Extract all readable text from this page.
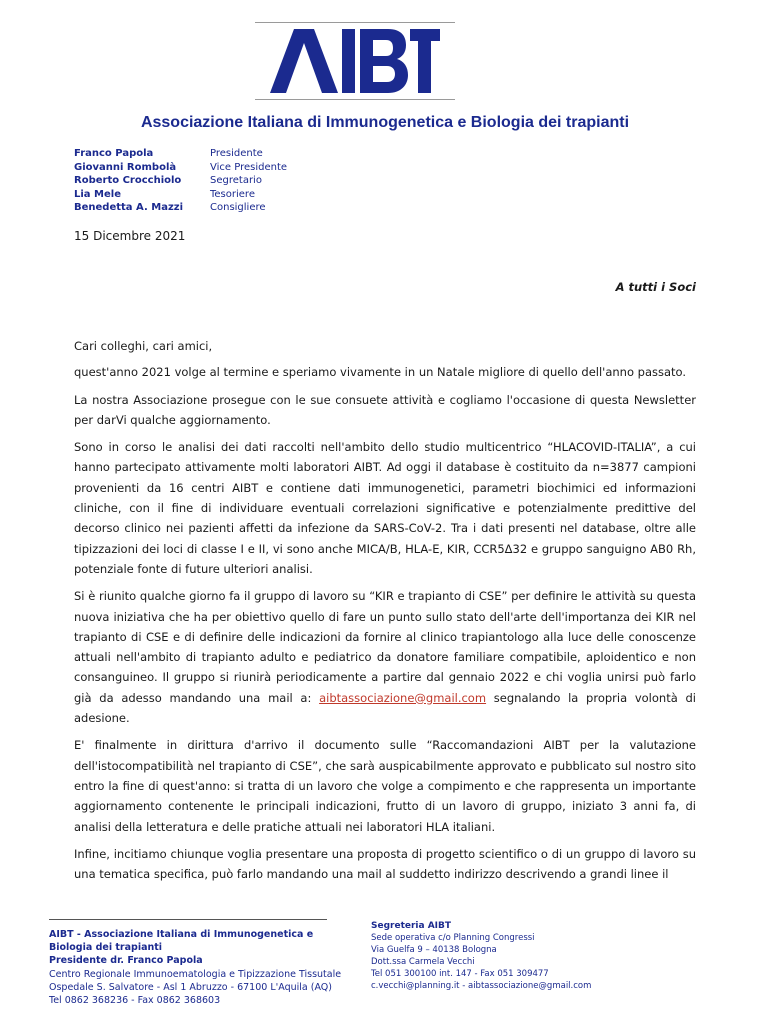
Associazione Italiana di Immunogenetica e Biologia dei trapianti
Franco Papola	Presidente
Giovanni Rombolà	Vice Presidente
Roberto Crocchiolo	Segretario
Lia Mele	Tesoriere
Benedetta A. Mazzi	Consigliere
15 Dicembre 2021
A tutti i Soci

Cari colleghi, cari amici,

quest'anno 2021 volge al termine e speriamo vivamente in un Natale migliore di quello dell'anno passato.

La nostra Associazione prosegue con le sue consuete attività e cogliamo l'occasione di questa Newsletter per darVi qualche aggiornamento.

Sono in corso le analisi dei dati raccolti nell'ambito dello studio multicentrico “HLACOVID-ITALIA”, a cui hanno partecipato attivamente molti laboratori AIBT. Ad oggi il database è costituito da n=3877 campioni provenienti da 16 centri AIBT e contiene dati immunogenetici, parametri biochimici ed informazioni cliniche, con il fine di individuare eventuali correlazioni significative e potenzialmente predittive del decorso clinico nei pazienti affetti da infezione da SARS-CoV-2. Tra i dati presenti nel database, oltre alle tipizzazioni dei loci di classe I e II, vi sono anche MICA/B, HLA-E, KIR, CCR5Δ32 e gruppo sanguigno AB0 Rh, potenziale fonte di future ulteriori analisi.

Si è riunito qualche giorno fa il gruppo di lavoro su “KIR e trapianto di CSE” per definire le attività su questa nuova iniziativa che ha per obiettivo quello di fare un punto sullo stato dell'arte dell'importanza dei KIR nel trapianto di CSE e di definire delle indicazioni da fornire al clinico trapiantologo alla luce delle conoscenze attuali nell'ambito di trapianto adulto e pediatrico da donatore familiare compatibile, aploidentico e non consanguineo. Il gruppo si riunirà periodicamente a partire dal gennaio 2022 e chi voglia unirsi può farlo già da adesso mandando una mail a: aibtassociazione@gmail.com segnalando la propria volontà di adesione.

E' finalmente in dirittura d'arrivo il documento sulle “Raccomandazioni AIBT per la valutazione dell'istocompatibilità nel trapianto di CSE”, che sarà auspicabilmente approvato e pubblicato sul nostro sito entro la fine di quest'anno: si tratta di un lavoro che volge a compimento e che rappresenta un importante aggiornamento contenente le principali indicazioni, frutto di un lavoro di gruppo, iniziato 3 anni fa, di analisi della letteratura e delle pratiche attuali nei laboratori HLA italiani.

Infine, incitiamo chiunque voglia presentare una proposta di progetto scientifico o di un gruppo di lavoro su una tematica specifica, può farlo mandando una mail al suddetto indirizzo descrivendo a grandi linee il

AIBT - Associazione Italiana di Immunogenetica e Biologia dei trapianti
Presidente dr. Franco Papola
Centro Regionale Immunoematologia e Tipizzazione Tissutale
Ospedale S. Salvatore - Asl 1 Abruzzo - 67100 L'Aquila (AQ)
Tel 0862 368236 - Fax 0862 368603
Segreteria AIBT
Sede operativa c/o Planning Congressi
Via Guelfa 9 – 40138 Bologna
Dott.ssa Carmela Vecchi
Tel 051 300100 int. 147 - Fax 051 309477
c.vecchi@planning.it - aibtassociazione@gmail.com
